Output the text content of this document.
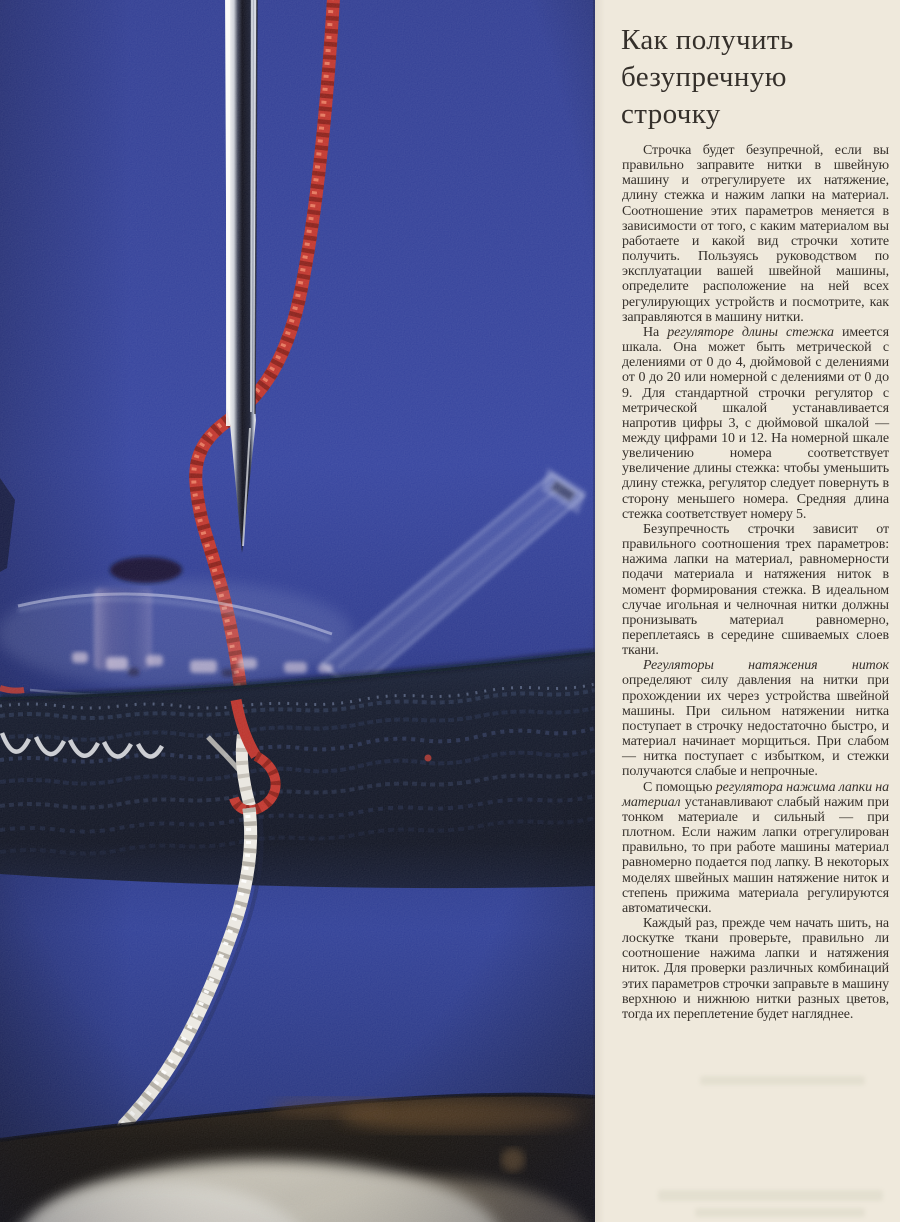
Как получить
безупречную
строчку

Строчка будет безупречной, если вы правильно заправите нитки в швейную машину и отрегулируете их натяжение, длину стежка и нажим лапки на материал. Соотношение этих параметров меняется в зависимости от того, с каким материалом вы работаете и какой вид строчки хотите получить. Пользуясь руководством по эксплуатации вашей швейной машины, определите расположение на ней всех регулирующих устройств и посмотрите, как заправляются в машину нитки.

На регуляторе длины стежка имеется шкала. Она может быть метрической с делениями от 0 до 4, дюймовой с делениями от 0 до 20 или номерной с делениями от 0 до 9. Для стандартной строчки регулятор с метрической шкалой устанавливается напротив цифры 3, с дюймовой шкалой — между цифрами 10 и 12. На номерной шкале увеличению номера соответствует увеличение длины стежка: чтобы уменьшить длину стежка, регулятор следует повернуть в сторону меньшего номера. Средняя длина стежка соответствует номеру 5.

Безупречность строчки зависит от правильного соотношения трех параметров: нажима лапки на материал, равномерности подачи материала и натяжения ниток в момент формирования стежка. В идеальном случае игольная и челночная нитки должны пронизывать материал равномерно, переплетаясь в середине сшиваемых слоев ткани.

Регуляторы натяжения ниток определяют силу давления на нитки при прохождении их через устройства швейной машины. При сильном натяжении нитка поступает в строчку недостаточно быстро, и материал начинает морщиться. При слабом — нитка поступает с избытком, и стежки получаются слабые и непрочные.

С помощью регулятора нажима лапки на материал устанавливают слабый нажим при тонком материале и сильный — при плотном. Если нажим лапки отрегулирован правильно, то при работе машины материал равномерно подается под лапку. В некоторых моделях швейных машин натяжение ниток и степень прижима материала регулируются автоматически.

Каждый раз, прежде чем начать шить, на лоскутке ткани проверьте, правильно ли соотношение нажима лапки и натяжения ниток. Для проверки различных комбинаций этих параметров строчки заправьте в машину верхнюю и нижнюю нитки разных цветов, тогда их переплетение будет нагляднее.
